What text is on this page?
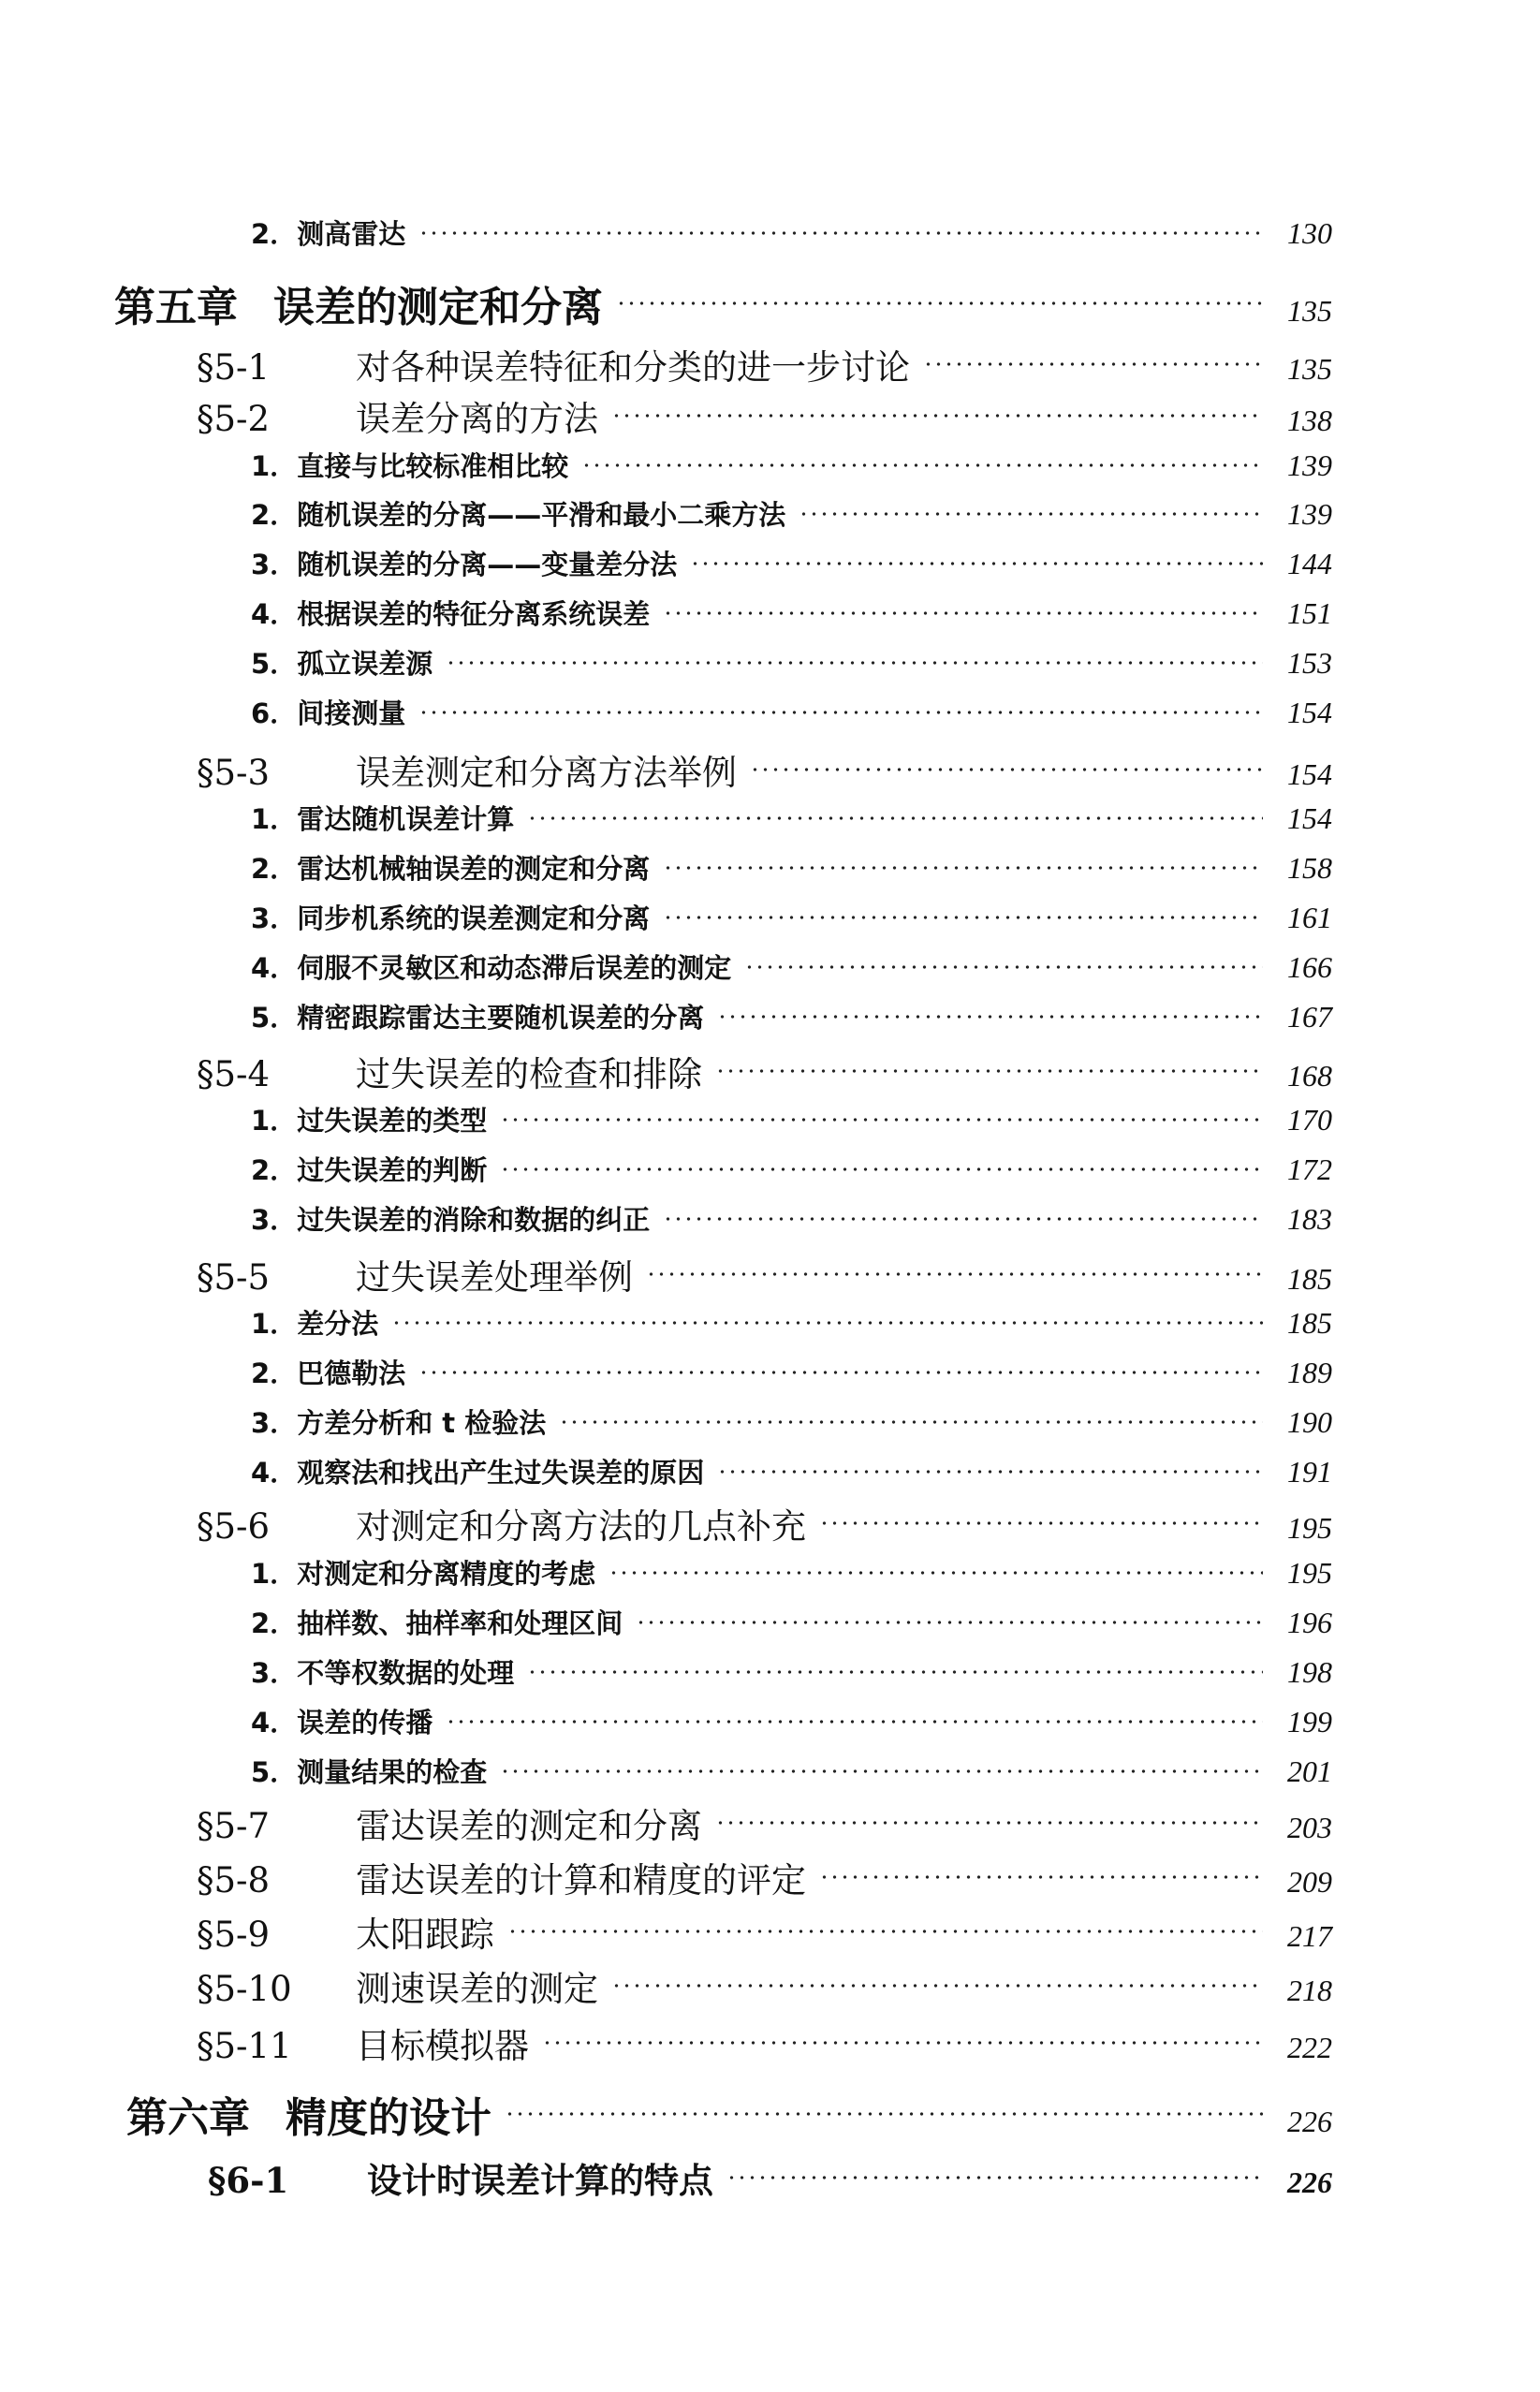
2． 测高雷达	130
第五章 误差的测定和分离	135
§5-1	对各种误差特征和分类的进一步讨论	135
§5-2	误差分离的方法	138
1． 直接与比较标准相比较	139
2． 随机误差的分离——平滑和最小二乘方法	139
3． 随机误差的分离——变量差分法	144
4． 根据误差的特征分离系统误差	151
5． 孤立误差源	153
6． 间接测量	154
§5-3	误差测定和分离方法举例	154
1． 雷达随机误差计算	154
2． 雷达机械轴误差的测定和分离	158
3． 同步机系统的误差测定和分离	161
4． 伺服不灵敏区和动态滞后误差的测定	166
5． 精密跟踪雷达主要随机误差的分离	167
§5-4	过失误差的检查和排除	168
1． 过失误差的类型	170
2． 过失误差的判断	172
3． 过失误差的消除和数据的纠正	183
§5-5	过失误差处理举例	185
1． 差分法	185
2． 巴德勒法	189
3． 方差分析和 t 检验法	190
4． 观察法和找出产生过失误差的原因	191
§5-6	对测定和分离方法的几点补充	195
1． 对测定和分离精度的考虑	195
2． 抽样数、抽样率和处理区间	196
3． 不等权数据的处理	198
4． 误差的传播	199
5． 测量结果的检查	201
§5-7	雷达误差的测定和分离	203
§5-8	雷达误差的计算和精度的评定	209
§5-9	太阳跟踪	217
§5-10	测速误差的测定	218
§5-11	目标模拟器	222
第六章 精度的设计	226
§6-1	设计时误差计算的特点	226
